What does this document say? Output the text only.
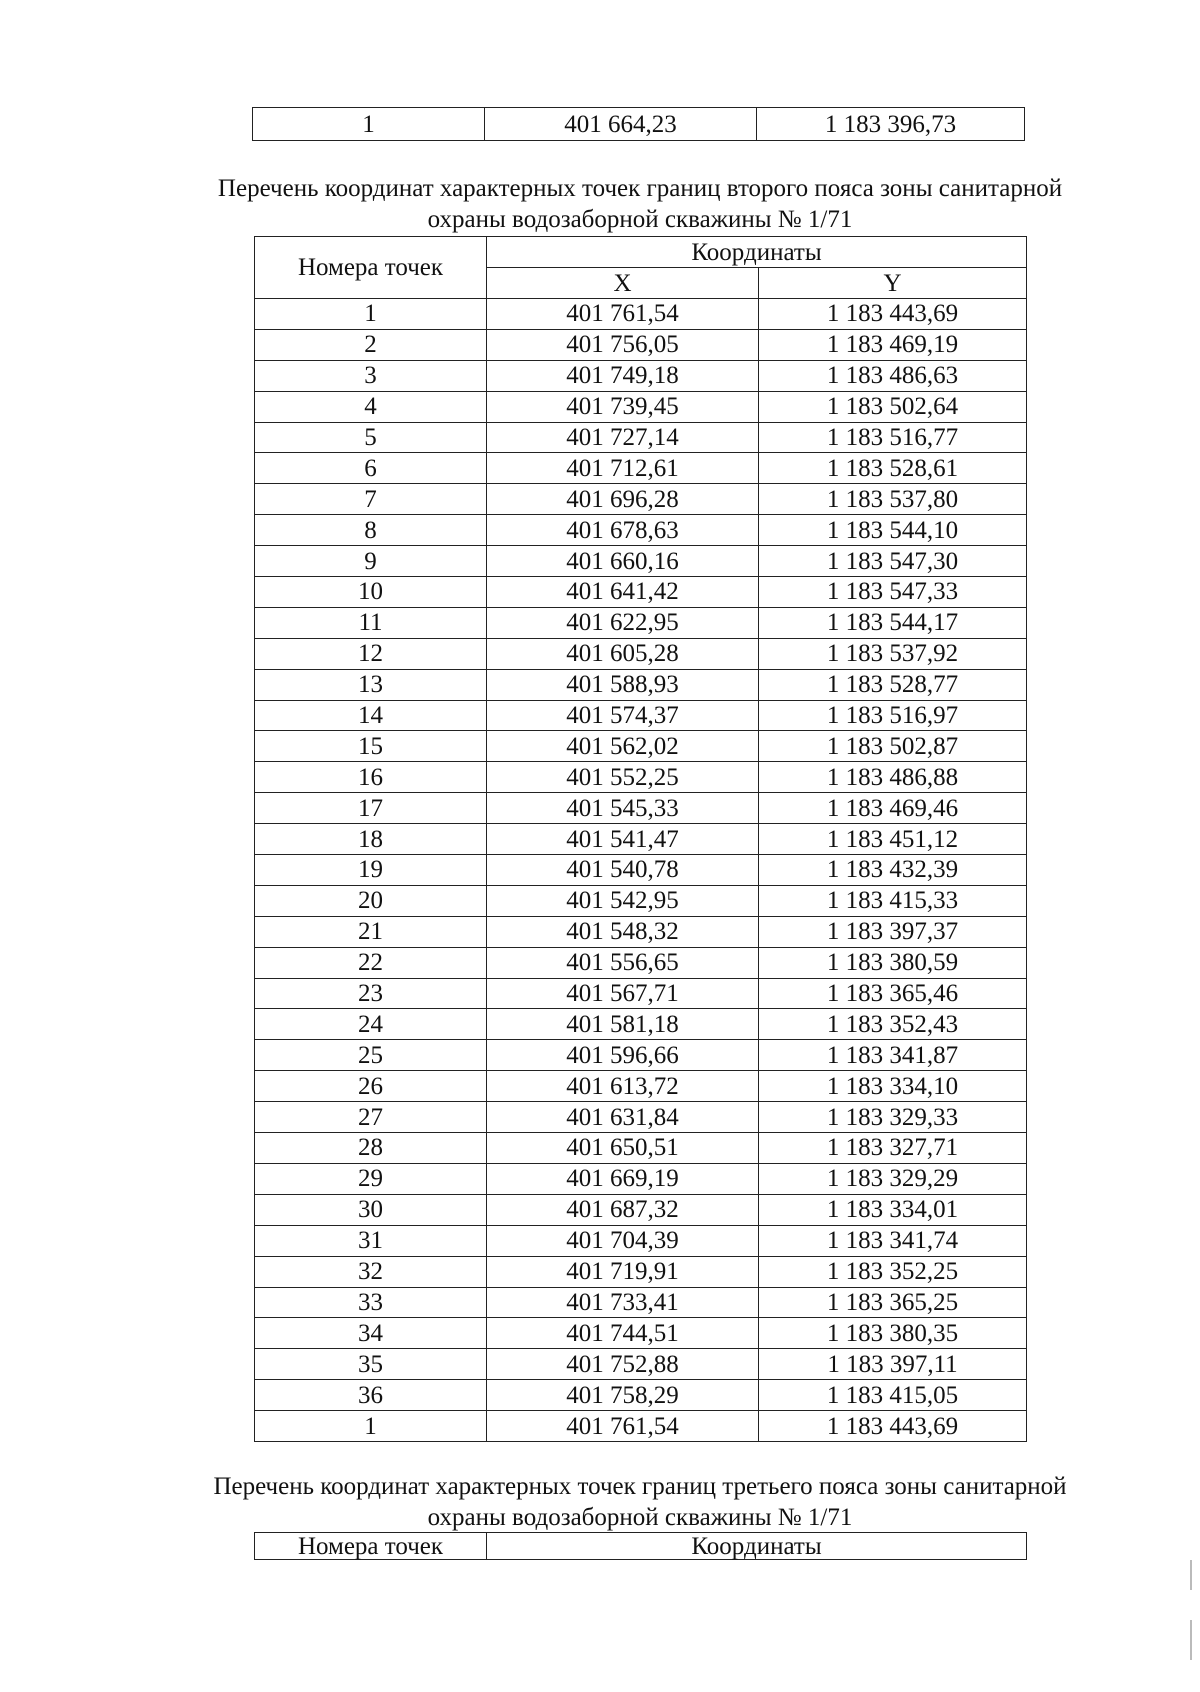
1	401 664,23	1 183 396,73
Перечень координат характерных точек границ второго пояса зоны санитарной
охраны водозаборной скважины № 1/71
Номера точек	Координаты	
	X	Y
1	401 761,54	1 183 443,69
2	401 756,05	1 183 469,19
3	401 749,18	1 183 486,63
4	401 739,45	1 183 502,64
5	401 727,14	1 183 516,77
6	401 712,61	1 183 528,61
7	401 696,28	1 183 537,80
8	401 678,63	1 183 544,10
9	401 660,16	1 183 547,30
10	401 641,42	1 183 547,33
11	401 622,95	1 183 544,17
12	401 605,28	1 183 537,92
13	401 588,93	1 183 528,77
14	401 574,37	1 183 516,97
15	401 562,02	1 183 502,87
16	401 552,25	1 183 486,88
17	401 545,33	1 183 469,46
18	401 541,47	1 183 451,12
19	401 540,78	1 183 432,39
20	401 542,95	1 183 415,33
21	401 548,32	1 183 397,37
22	401 556,65	1 183 380,59
23	401 567,71	1 183 365,46
24	401 581,18	1 183 352,43
25	401 596,66	1 183 341,87
26	401 613,72	1 183 334,10
27	401 631,84	1 183 329,33
28	401 650,51	1 183 327,71
29	401 669,19	1 183 329,29
30	401 687,32	1 183 334,01
31	401 704,39	1 183 341,74
32	401 719,91	1 183 352,25
33	401 733,41	1 183 365,25
34	401 744,51	1 183 380,35
35	401 752,88	1 183 397,11
36	401 758,29	1 183 415,05
1	401 761,54	1 183 443,69
Перечень координат характерных точек границ третьего пояса зоны санитарной
охраны водозаборной скважины № 1/71
Номера точек	Координаты
